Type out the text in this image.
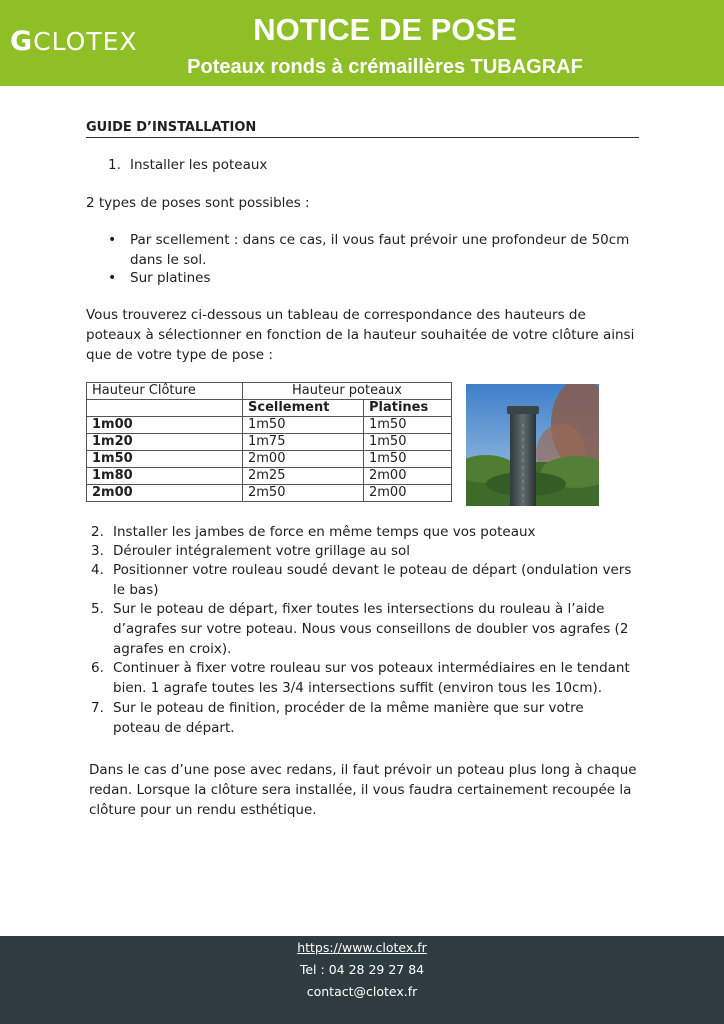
GCLOTEX	NOTICE DE POSE
Poteaux ronds à crémaillères TUBAGRAF
GUIDE D’INSTALLATION
1. Installer les poteaux
2 types de poses sont possibles :
• Par scellement : dans ce cas, il vous faut prévoir une profondeur de 50cm
dans le sol.
• Sur platines
Vous trouverez ci-dessous un tableau de correspondance des hauteurs de
poteaux à sélectionner en fonction de la hauteur souhaitée de votre clôture ainsi
que de votre type de pose :
Hauteur Clôture	Hauteur poteaux	
	Scellement	Platines
1m00	1m50	1m50
1m20	1m75	1m50
1m50	2m00	1m50
1m80	2m25	2m00
2m00	2m50	2m00
2. Installer les jambes de force en même temps que vos poteaux
3. Dérouler intégralement votre grillage au sol
4. Positionner votre rouleau soudé devant le poteau de départ (ondulation vers
le bas)
5. Sur le poteau de départ, fixer toutes les intersections du rouleau à l’aide
d’agrafes sur votre poteau. Nous vous conseillons de doubler vos agrafes (2
agrafes en croix).
6. Continuer à fixer votre rouleau sur vos poteaux intermédiaires en le tendant
bien. 1 agrafe toutes les 3/4 intersections suffit (environ tous les 10cm).
7. Sur le poteau de finition, procéder de la même manière que sur votre
poteau de départ.
Dans le cas d’une pose avec redans, il faut prévoir un poteau plus long à chaque
redan. Lorsque la clôture sera installée, il vous faudra certainement recoupée la
clôture pour un rendu esthétique.
https://www.clotex.fr
Tel : 04 28 29 27 84
contact@clotex.fr
